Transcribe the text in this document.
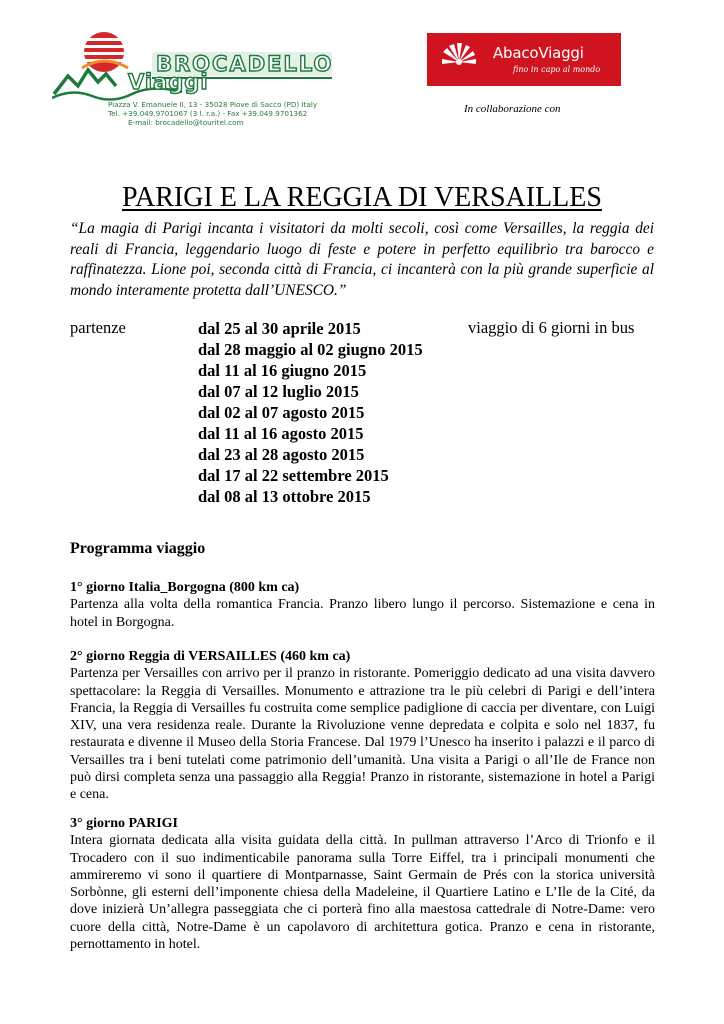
BROCADELLO
Viaggi
Piazza V. Emanuele II, 13 - 35028 Piove di Sacco (PD) Italy
Tel. +39.049.9701067 (3 l. r.a.) - Fax +39.049.9701362
E-mail: brocadello@touritel.com
AbacoViaggi
fino in capo al mondo
In collaborazione con
PARIGI E LA REGGIA DI VERSAILLES

“La magia di Parigi incanta i visitatori da molti secoli, così come Versailles, la reggia dei reali di Francia, leggendario luogo di feste e potere in perfetto equilibrio tra barocco e raffinatezza. Lione poi, seconda città di Francia, ci incanterà con la più grande superficie al mondo interamente protetta dall’UNESCO.”

partenze	dal 25 al 30 aprile 2015
dal 28 maggio al 02 giugno 2015
dal 11 al 16 giugno 2015
dal 07 al 12 luglio 2015
dal 02 al 07 agosto 2015
dal 11 al 16 agosto 2015
dal 23 al 28 agosto 2015
dal 17 al 22 settembre 2015
dal 08 al 13 ottobre 2015
viaggio di 6 giorni in bus
Programma viaggio
1° giorno Italia_Borgogna (800 km ca)

Partenza alla volta della romantica Francia. Pranzo libero lungo il percorso. Sistemazione e cena in hotel in Borgogna.

2° giorno Reggia di VERSAILLES (460 km ca)

Partenza per Versailles con arrivo per il pranzo in ristorante. Pomeriggio dedicato ad una visita davvero spettacolare: la Reggia di Versailles. Monumento e attrazione tra le più celebri di Parigi e dell’intera Francia, la Reggia di Versailles fu costruita come semplice padiglione di caccia per diventare, con Luigi XIV, una vera residenza reale. Durante la Rivoluzione venne depredata e colpita e solo nel 1837, fu restaurata e divenne il Museo della Storia Francese. Dal 1979 l’Unesco ha inserito i palazzi e il parco di Versailles tra i beni tutelati come patrimonio dell’umanità. Una visita a Parigi o all’Ile de France non può dirsi completa senza una passaggio alla Reggia! Pranzo in ristorante, sistemazione in hotel a Parigi e cena.

3° giorno PARIGI

Intera giornata dedicata alla visita guidata della città. In pullman attraverso l’Arco di Trionfo e il Trocadero con il suo indimenticabile panorama sulla Torre Eiffel, tra i principali monumenti che ammireremo vi sono il quartiere di Montparnasse, Saint Germain de Prés con la storica università Sorbònne, gli esterni dell’imponente chiesa della Madeleine, il Quartiere Latino e L’Ile de la Cité, da dove inizierà Un’allegra passeggiata che ci porterà fino alla maestosa cattedrale di Notre-Dame: vero cuore della città, Notre-Dame è un capolavoro di architettura gotica. Pranzo e cena in ristorante, pernottamento in hotel.
